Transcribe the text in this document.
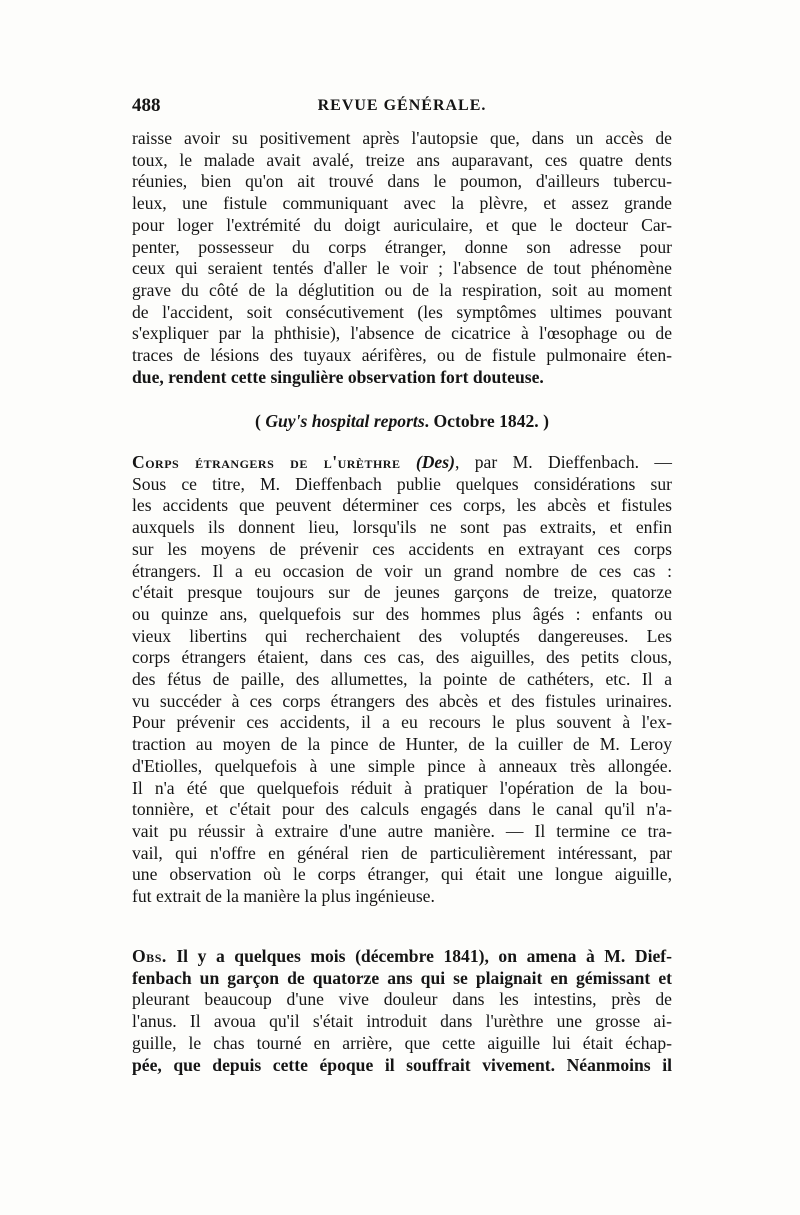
488	REVUE GÉNÉRALE.
raisse avoir su positivement après l'autopsie que, dans un accès de
toux, le malade avait avalé, treize ans auparavant, ces quatre dents
réunies, bien qu'on ait trouvé dans le poumon, d'ailleurs tubercu-
leux, une fistule communiquant avec la plèvre, et assez grande
pour loger l'extrémité du doigt auriculaire, et que le docteur Car-
penter, possesseur du corps étranger, donne son adresse pour
ceux qui seraient tentés d'aller le voir ; l'absence de tout phénomène
grave du côté de la déglutition ou de la respiration, soit au moment
de l'accident, soit consécutivement (les symptômes ultimes pouvant
s'expliquer par la phthisie), l'absence de cicatrice à l'œsophage ou de
traces de lésions des tuyaux aérifères, ou de fistule pulmonaire éten-
due, rendent cette singulière observation fort douteuse.
( Guy's hospital reports. Octobre 1842. )
Corps étrangers de l'urèthre (Des), par M. Dieffenbach. —
Sous ce titre, M. Dieffenbach publie quelques considérations sur
les accidents que peuvent déterminer ces corps, les abcès et fistules
auxquels ils donnent lieu, lorsqu'ils ne sont pas extraits, et enfin
sur les moyens de prévenir ces accidents en extrayant ces corps
étrangers. Il a eu occasion de voir un grand nombre de ces cas :
c'était presque toujours sur de jeunes garçons de treize, quatorze
ou quinze ans, quelquefois sur des hommes plus âgés : enfants ou
vieux libertins qui recherchaient des voluptés dangereuses. Les
corps étrangers étaient, dans ces cas, des aiguilles, des petits clous,
des fétus de paille, des allumettes, la pointe de cathéters, etc. Il a
vu succéder à ces corps étrangers des abcès et des fistules urinaires.
Pour prévenir ces accidents, il a eu recours le plus souvent à l'ex-
traction au moyen de la pince de Hunter, de la cuiller de M. Leroy
d'Etiolles, quelquefois à une simple pince à anneaux très allongée.
Il n'a été que quelquefois réduit à pratiquer l'opération de la bou-
tonnière, et c'était pour des calculs engagés dans le canal qu'il n'a-
vait pu réussir à extraire d'une autre manière. — Il termine ce tra-
vail, qui n'offre en général rien de particulièrement intéressant, par
une observation où le corps étranger, qui était une longue aiguille,
fut extrait de la manière la plus ingénieuse.
Obs. Il y a quelques mois (décembre 1841), on amena à M. Dief-
fenbach un garçon de quatorze ans qui se plaignait en gémissant et
pleurant beaucoup d'une vive douleur dans les intestins, près de
l'anus. Il avoua qu'il s'était introduit dans l'urèthre une grosse ai-
guille, le chas tourné en arrière, que cette aiguille lui était échap-
pée, que depuis cette époque il souffrait vivement. Néanmoins il
